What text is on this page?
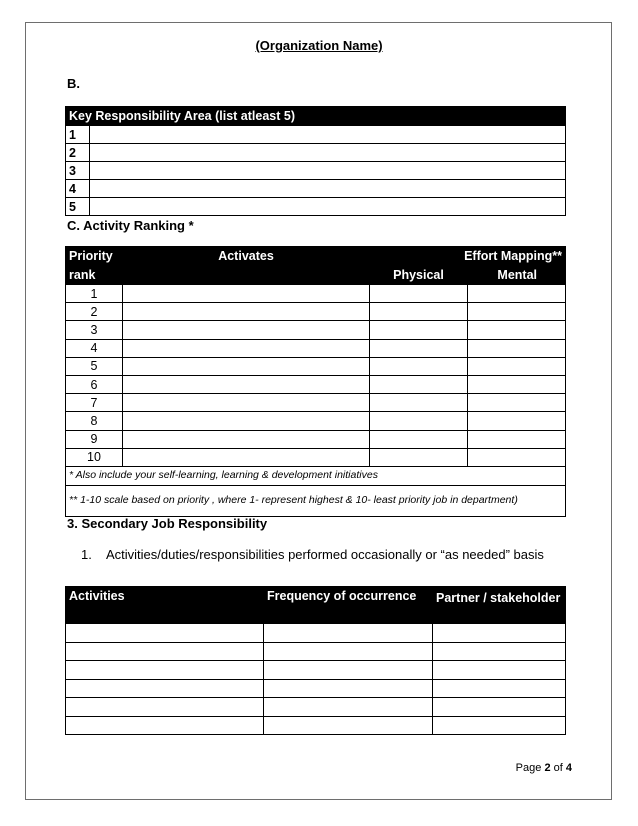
(Organization Name)
B.
Key Responsibility Area (list atleast 5)	
1	
2	
3	
4	
5	
C. Activity Ranking *
Priority	Activates	Effort Mapping**	
rank		Physical	Mental
1			
2			
3			
4			
5			
6			
7			
8			
9			
10			
* Also include your self-learning, learning & development initiatives			
** 1-10 scale based on priority , where 1- represent highest & 10- least priority job in department)			
3. Secondary Job Responsibility
1. Activities/duties/responsibilities performed occasionally or “as needed” basis
Activities	Frequency of occurrence	Partner / stakeholder

Page 2 of 4
